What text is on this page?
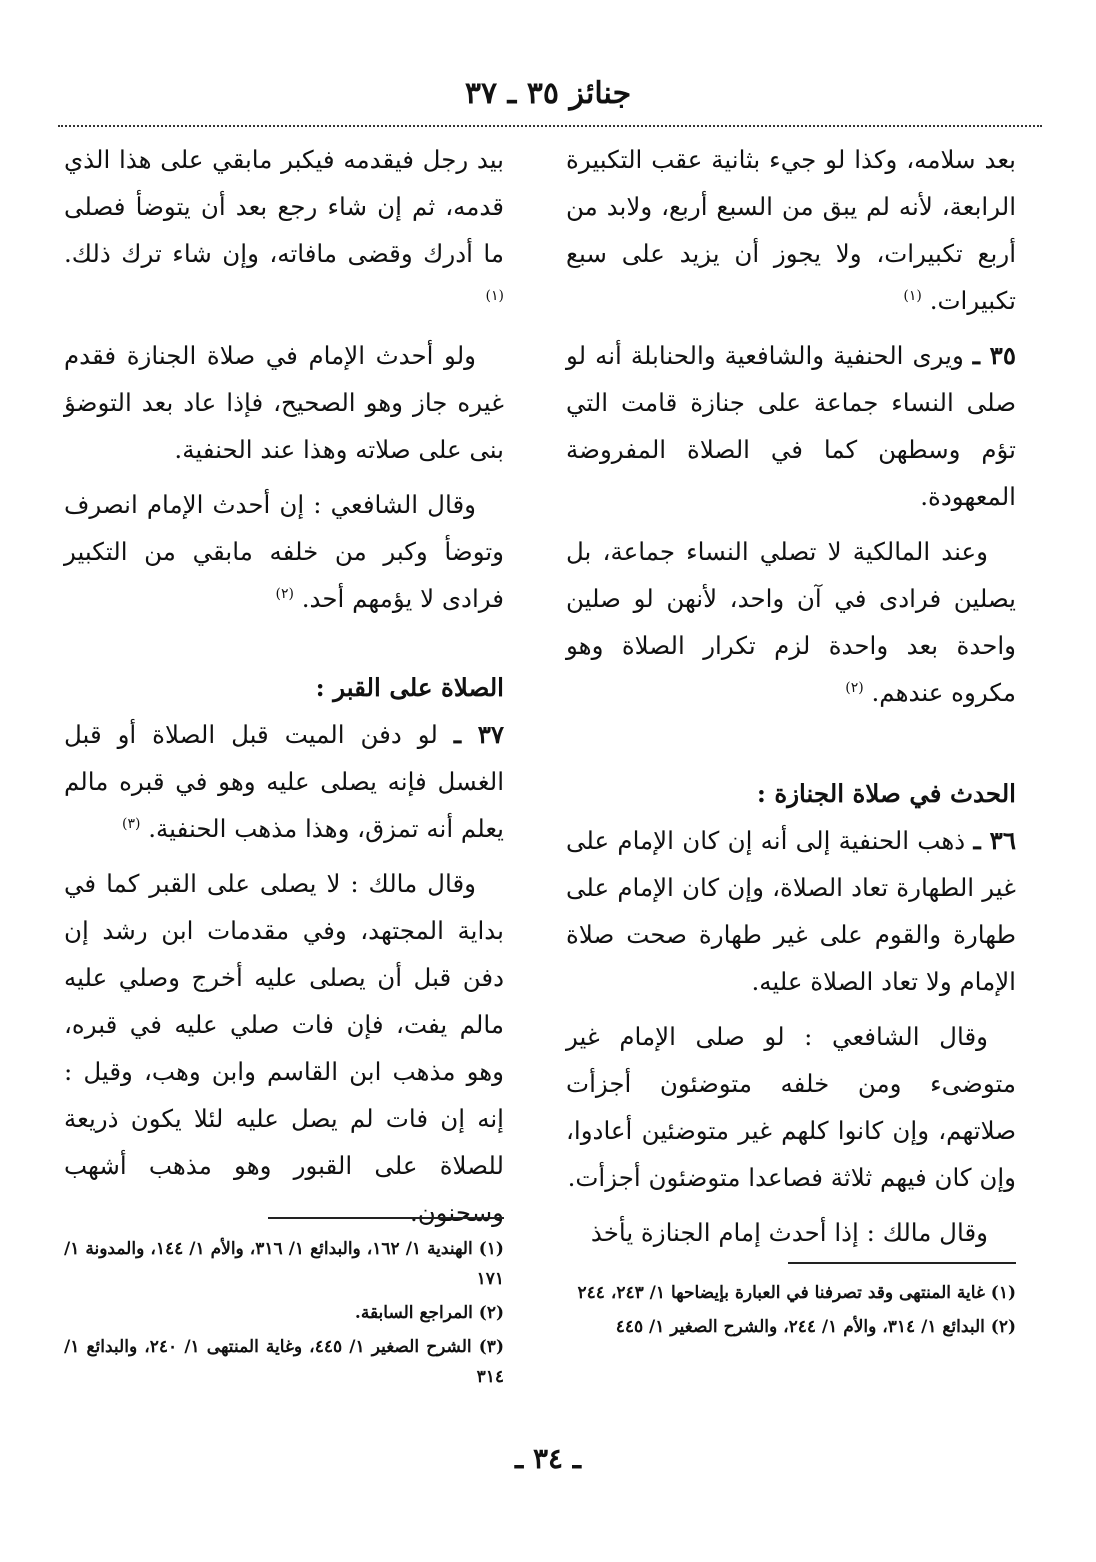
جنائز ٣٥ ـ ٣٧

بعد سلامه، وكذا لو جيء بثانية عقب التكبيرة الرابعة، لأنه لم يبق من السبع أربع، ولابد من أربع تكبيرات، ولا يجوز أن يزيد على سبع تكبيرات. $^{(١)}$

٣٥ ـ ويرى الحنفية والشافعية والحنابلة أنه لو صلى النساء جماعة على جنازة قامت التي تؤم وسطهن كما في الصلاة المفروضة المعهودة.

وعند المالكية لا تصلي النساء جماعة، بل يصلين فرادى في آن واحد، لأنهن لو صلين واحدة بعد واحدة لزم تكرار الصلاة وهو مكروه عندهم. $^{(٢)}$

الحدث في صلاة الجنازة :

٣٦ ـ ذهب الحنفية إلى أنه إن كان الإمام على غير الطهارة تعاد الصلاة، وإن كان الإمام على طهارة والقوم على غير طهارة صحت صلاة الإمام ولا تعاد الصلاة عليه.

وقال الشافعي : لو صلى الإمام غير متوضىء ومن خلفه متوضئون أجزأت صلاتهم، وإن كانوا كلهم غير متوضئين أعادوا، وإن كان فيهم ثلاثة فصاعدا متوضئون أجزأت.

وقال مالك : إذا أحدث إمام الجنازة يأخذ

بيد رجل فيقدمه فيكبر مابقي على هذا الذي قدمه، ثم إن شاء رجع بعد أن يتوضأ فصلى ما أدرك وقضى مافاته، وإن شاء ترك ذلك. $^{(١)}$

ولو أحدث الإمام في صلاة الجنازة فقدم غيره جاز وهو الصحيح، فإذا عاد بعد التوضؤ بنى على صلاته وهذا عند الحنفية.

وقال الشافعي : إن أحدث الإمام انصرف وتوضأ وكبر من خلفه مابقي من التكبير فرادى لا يؤمهم أحد. $^{(٢)}$

الصلاة على القبر :

٣٧ ـ لو دفن الميت قبل الصلاة أو قبل الغسل فإنه يصلى عليه وهو في قبره مالم يعلم أنه تمزق، وهذا مذهب الحنفية. $^{(٣)}$

وقال مالك : لا يصلى على القبر كما في بداية المجتهد، وفي مقدمات ابن رشد إن دفن قبل أن يصلى عليه أخرج وصلي عليه مالم يفت، فإن فات صلي عليه في قبره، وهو مذهب ابن القاسم وابن وهب، وقيل : إنه إن فات لم يصل عليه لئلا يكون ذريعة للصلاة على القبور وهو مذهب أشهب وسحنون.

(١) غاية المنتهى وقد تصرفنا في العبارة بإيضاحها ١/ ٢٤٣، ٢٤٤

(٢) البدائع ١/ ٣١٤، والأم ١/ ٢٤٤، والشرح الصغير ١/ ٤٤٥

(١) الهندية ١/ ١٦٢، والبدائع ١/ ٣١٦، والأم ١/ ١٤٤، والمدونة ١/ ١٧١

(٢) المراجع السابقة.

(٣) الشرح الصغير ١/ ٤٤٥، وغاية المنتهى ١/ ٢٤٠، والبدائع ١/ ٣١٤

ـ ٣٤ ـ
